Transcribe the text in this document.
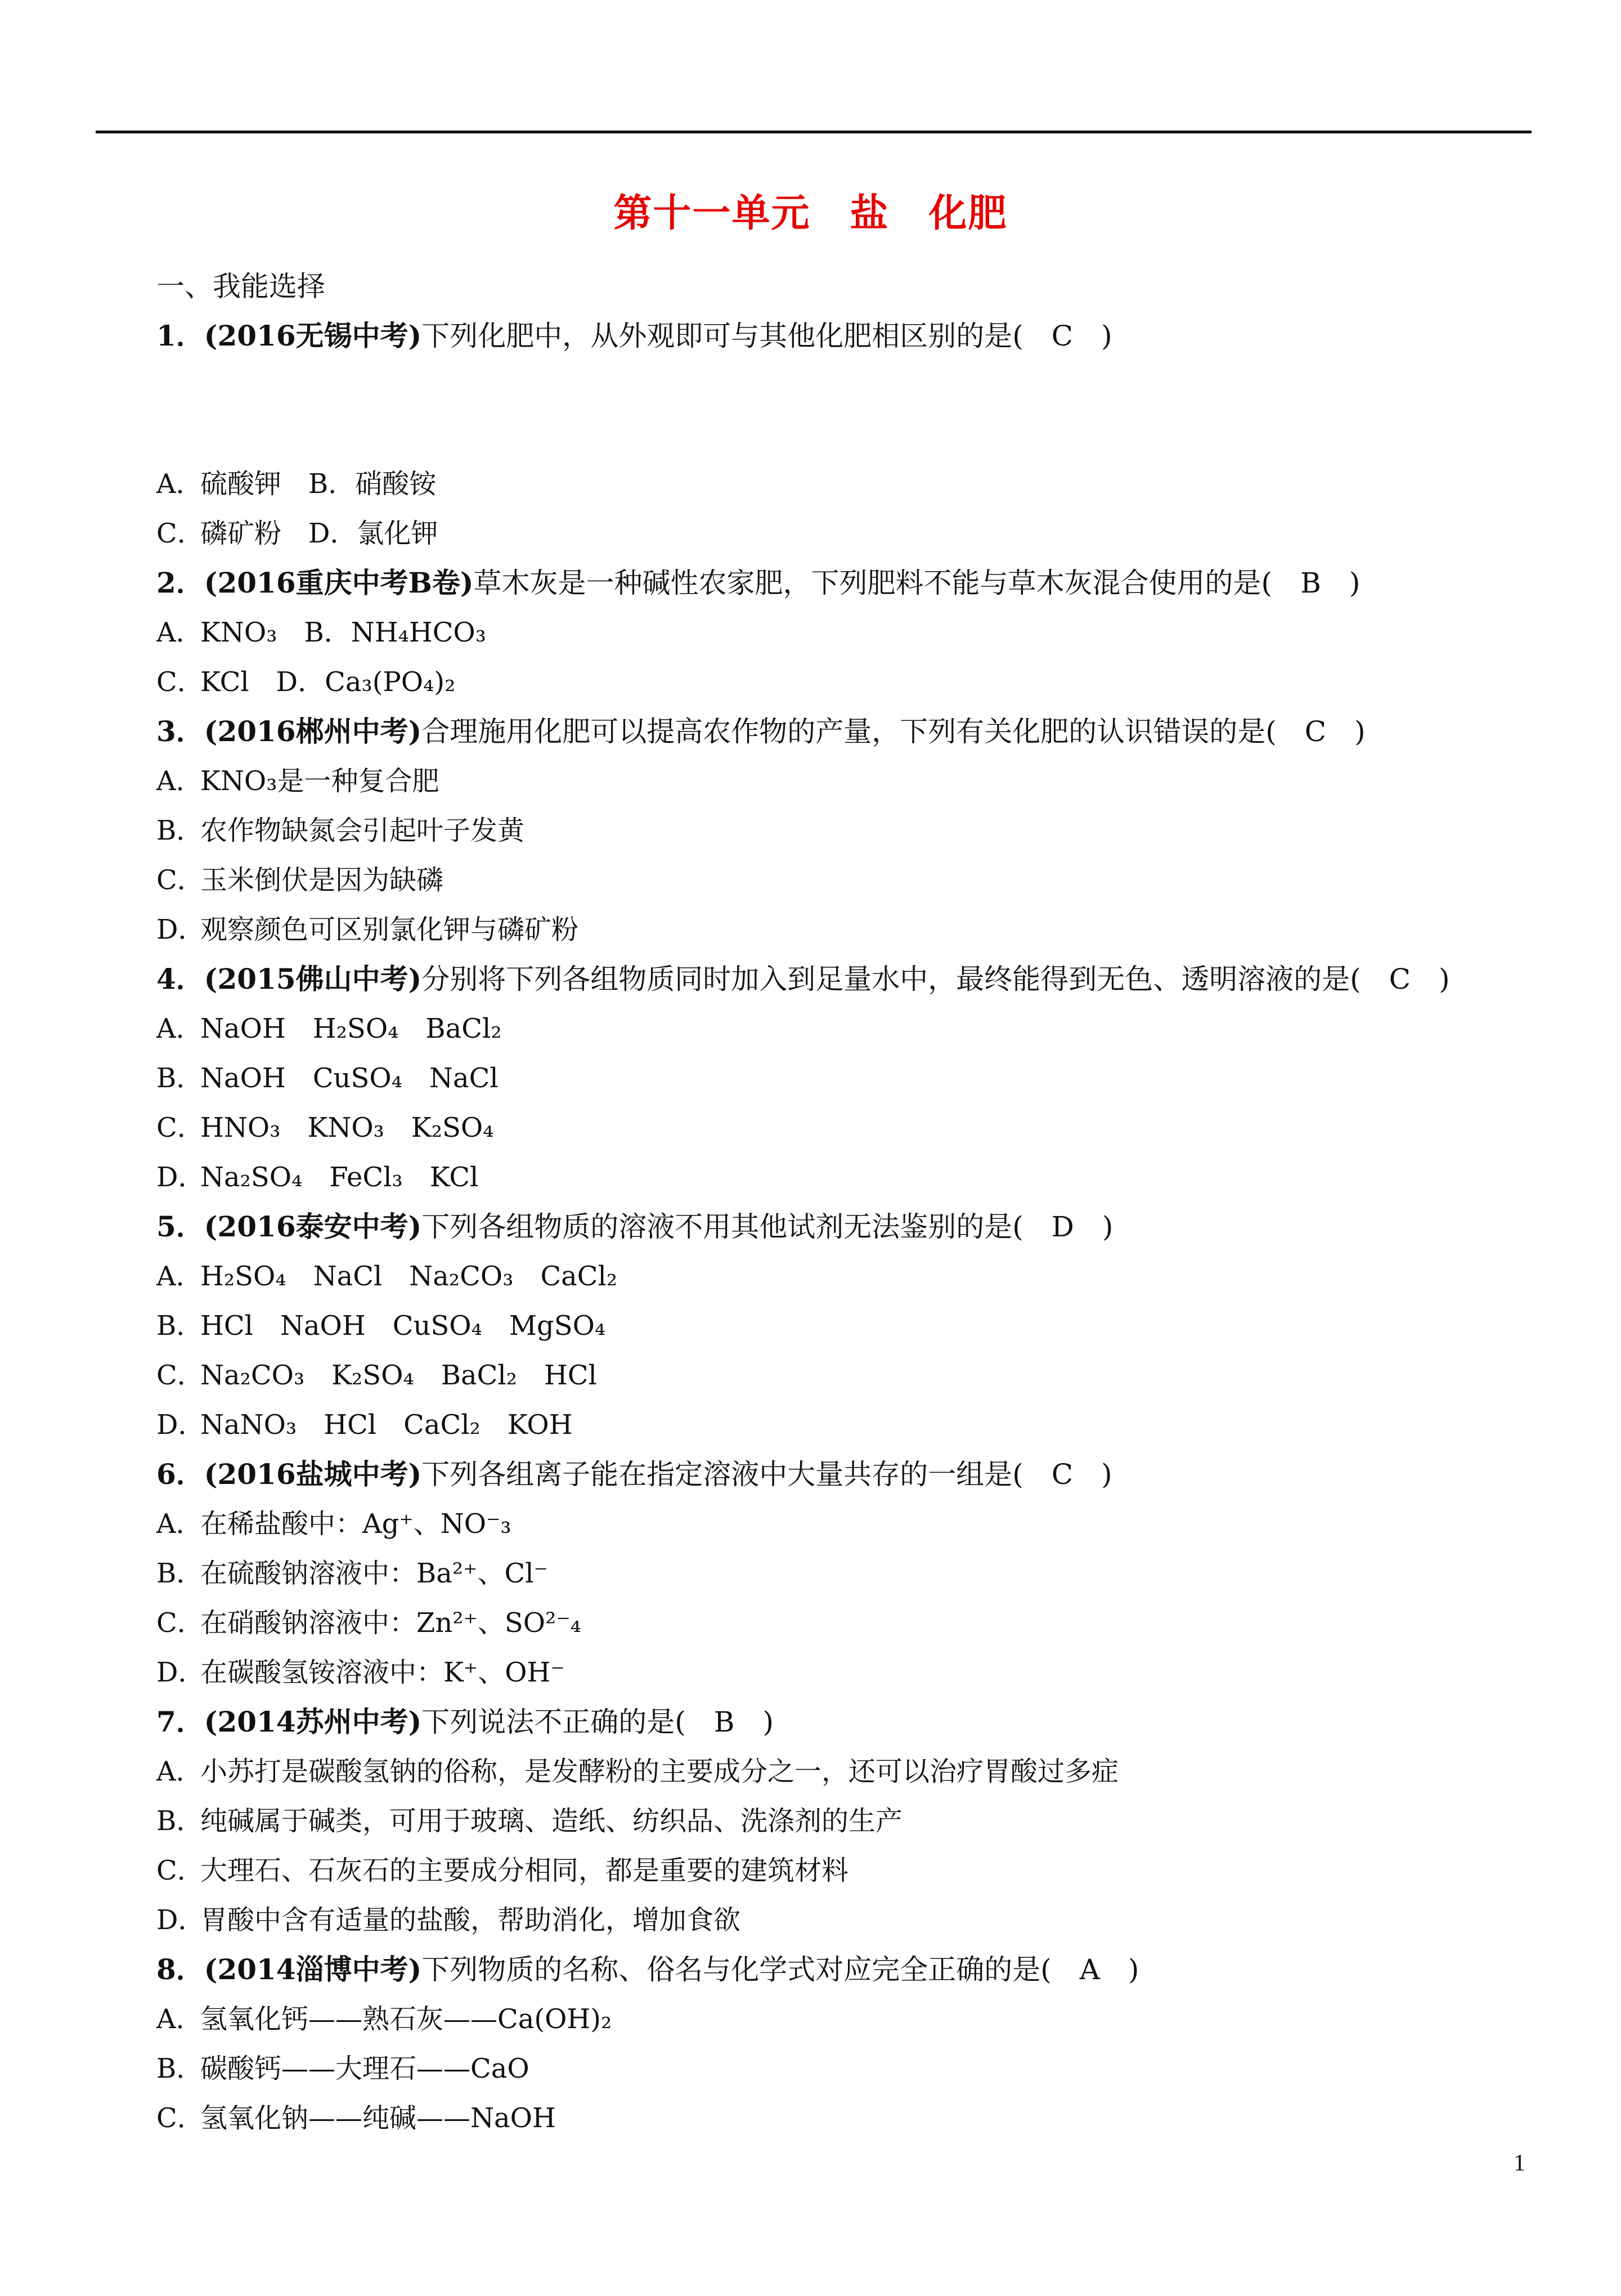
第十一单元　盐　化肥
一、我能选择
1．(2016无锡中考)下列化肥中，从外观即可与其他化肥相区别的是(   C  )
A．硫酸钾　B．硝酸铵
C．磷矿粉　D．氯化钾
2．(2016重庆中考B卷)草木灰是一种碱性农家肥，下列肥料不能与草木灰混合使用的是(   B  )
A．KNO₃　B．NH₄HCO₃
C．KCl　D．Ca₃(PO₄)₂
3．(2016郴州中考)合理施用化肥可以提高农作物的产量，下列有关化肥的认识错误的是(   C  )
A．KNO₃是一种复合肥
B．农作物缺氮会引起叶子发黄
C．玉米倒伏是因为缺磷
D．观察颜色可区别氯化钾与磷矿粉
4．(2015佛山中考)分别将下列各组物质同时加入到足量水中，最终能得到无色、透明溶液的是(   C  )
A．NaOH　H₂SO₄　BaCl₂
B．NaOH　CuSO₄　NaCl
C．HNO₃　KNO₃　K₂SO₄
D．Na₂SO₄　FeCl₃　KCl
5．(2016泰安中考)下列各组物质的溶液不用其他试剂无法鉴别的是(   D  )
A．H₂SO₄　NaCl　Na₂CO₃　CaCl₂
B．HCl　NaOH　CuSO₄　MgSO₄
C．Na₂CO₃　K₂SO₄　BaCl₂　HCl
D．NaNO₃　HCl　CaCl₂　KOH
6．(2016盐城中考)下列各组离子能在指定溶液中大量共存的一组是(   C  )
A．在稀盐酸中：Ag⁺、NO⁻₃
B．在硫酸钠溶液中：Ba²⁺、Cl⁻
C．在硝酸钠溶液中：Zn²⁺、SO²⁻₄
D．在碳酸氢铵溶液中：K⁺、OH⁻
7．(2014苏州中考)下列说法不正确的是(   B  )
A．小苏打是碳酸氢钠的俗称，是发酵粉的主要成分之一，还可以治疗胃酸过多症
B．纯碱属于碱类，可用于玻璃、造纸、纺织品、洗涤剂的生产
C．大理石、石灰石的主要成分相同，都是重要的建筑材料
D．胃酸中含有适量的盐酸，帮助消化，增加食欲
8．(2014淄博中考)下列物质的名称、俗名与化学式对应完全正确的是(   A  )
A．氢氧化钙——熟石灰——Ca(OH)₂
B．碳酸钙——大理石——CaO
C．氢氧化钠——纯碱——NaOH
1
